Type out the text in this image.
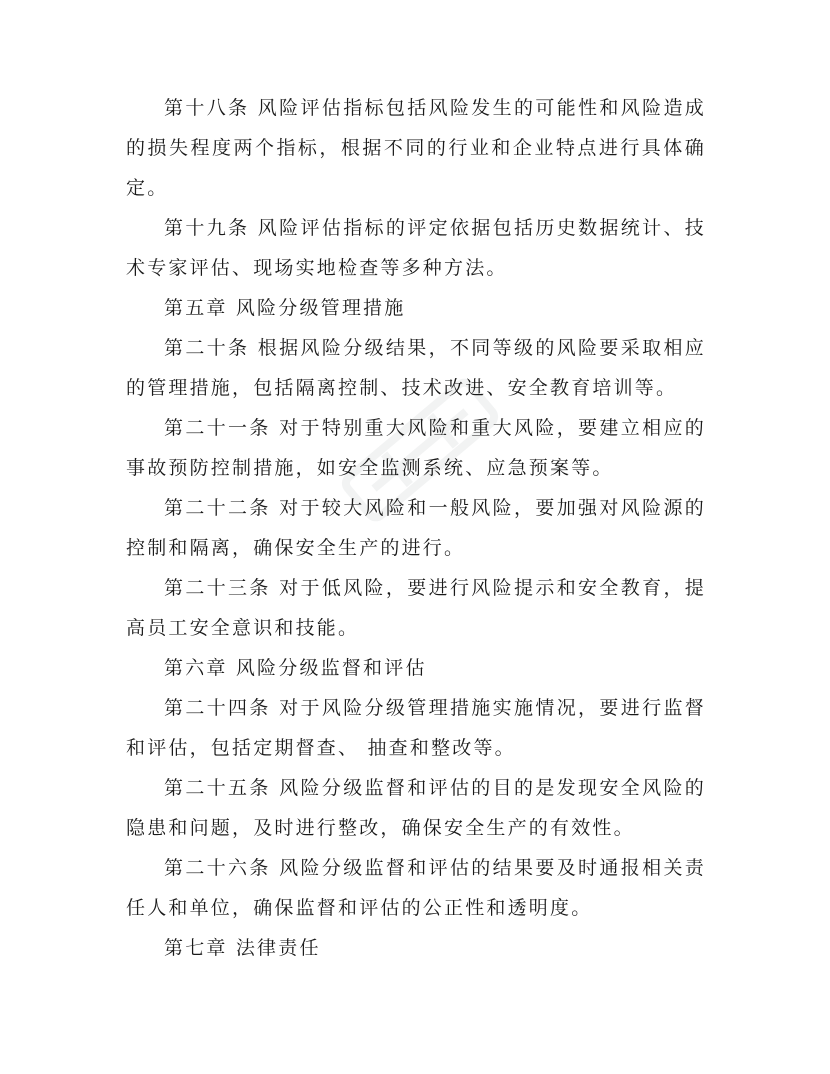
第十八条 风险评估指标包括风险发生的可能性和风险造成的损失程度两个指标，根据不同的行业和企业特点进行具体确定。

第十九条 风险评估指标的评定依据包括历史数据统计、技术专家评估、现场实地检查等多种方法。

第五章 风险分级管理措施

第二十条 根据风险分级结果，不同等级的风险要采取相应的管理措施，包括隔离控制、技术改进、安全教育培训等。

第二十一条 对于特别重大风险和重大风险，要建立相应的事故预防控制措施，如安全监测系统、应急预案等。

第二十二条 对于较大风险和一般风险，要加强对风险源的控制和隔离，确保安全生产的进行。

第二十三条 对于低风险，要进行风险提示和安全教育，提高员工安全意识和技能。

第六章 风险分级监督和评估

第二十四条 对于风险分级管理措施实施情况，要进行监督和评估，包括定期督查、 抽查和整改等。

第二十五条 风险分级监督和评估的目的是发现安全风险的隐患和问题，及时进行整改，确保安全生产的有效性。

第二十六条 风险分级监督和评估的结果要及时通报相关责任人和单位，确保监督和评估的公正性和透明度。

第七章 法律责任
